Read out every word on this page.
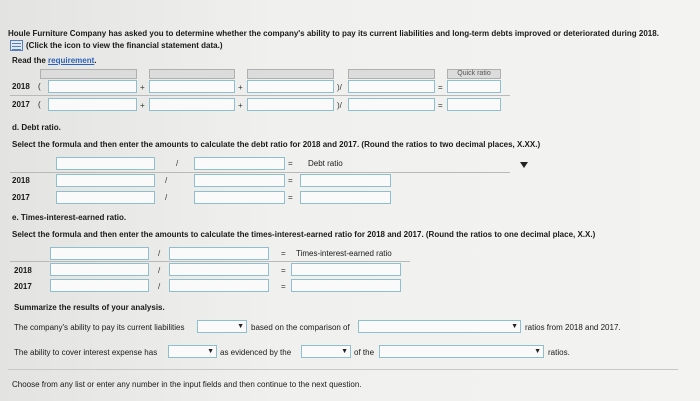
Houle Furniture Company has asked you to determine whether the company's ability to pay its current liabilities and long-term debts improved or deteriorated during 2018.
(Click the icon to view the financial statement data.)
Read the requirement.
Quick ratio
2018 (	+	+	)/	=
2017 (	+	+	)/	=
d. Debt ratio.
Select the formula and then enter the amounts to calculate the debt ratio for 2018 and 2017. (Round the ratios to two decimal places, X.XX.)
/	= Debt ratio
2018	/	=
2017	/	=
e. Times-interest-earned ratio.
Select the formula and then enter the amounts to calculate the times-interest-earned ratio for 2018 and 2017. (Round the ratios to one decimal place, X.X.)
/	= Times-interest-earned ratio
2018	/	=
2017	/	=
Summarize the results of your analysis.
The company's ability to pay its current liabilities	▼ based on the comparison of	▼ ratios from 2018 and 2017.
The ability to cover interest expense has	▼ as evidenced by the	▼ of the	▼ ratios.
Choose from any list or enter any number in the input fields and then continue to the next question.
